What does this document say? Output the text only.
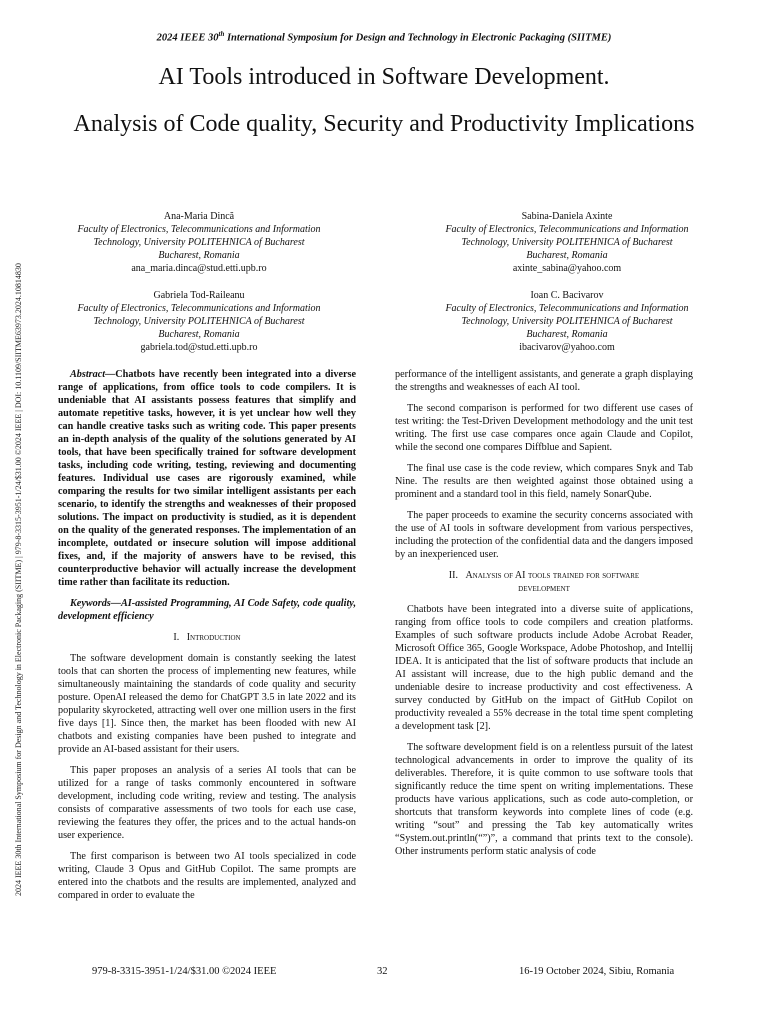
2024 IEEE 30th International Symposium for Design and Technology in Electronic Packaging (SIITME)
2024 IEEE 30th International Symposium for Design and Technology in Electronic Packaging (SIITME) | 979-8-3315-3951-1/24/$31.00 ©2024 IEEE | DOI: 10.1109/SIITME63973.2024.10814830
AI Tools introduced in Software Development.
Analysis of Code quality, Security and Productivity Implications
Ana-Maria Dincă
Faculty of Electronics, Telecommunications and Information
Technology, University POLITEHNICA of Bucharest
Bucharest, Romania
ana_maria.dinca@stud.etti.upb.ro
Sabina-Daniela Axinte
Faculty of Electronics, Telecommunications and Information
Technology, University POLITEHNICA of Bucharest
Bucharest, Romania
axinte_sabina@yahoo.com
Gabriela Tod-Raileanu
Faculty of Electronics, Telecommunications and Information
Technology, University POLITEHNICA of Bucharest
Bucharest, Romania
gabriela.tod@stud.etti.upb.ro
Ioan C. Bacivarov
Faculty of Electronics, Telecommunications and Information
Technology, University POLITEHNICA of Bucharest
Bucharest, Romania
ibacivarov@yahoo.com

Abstract—Chatbots have recently been integrated into a diverse range of applications, from office tools to code compilers. It is undeniable that AI assistants possess features that simplify and automate repetitive tasks, however, it is yet unclear how well they can handle creative tasks such as writing code. This paper presents an in-depth analysis of the quality of the solutions generated by AI tools, that have been specifically trained for software development tasks, including code writing, testing, reviewing and documenting features. Individual use cases are rigorously examined, while comparing the results for two similar intelligent assistants per each scenario, to identify the strengths and weaknesses of their proposed solutions. The impact on productivity is studied, as it is dependent on the quality of the generated responses. The implementation of an incomplete, outdated or insecure solution will impose additional fixes, and, if the majority of answers have to be revised, this counterproductive behavior will actually increase the development time rather than facilitate its reduction.

Keywords—AI-assisted Programming, AI Code Safety, code quality, development efficiency

I. Introduction

The software development domain is constantly seeking the latest tools that can shorten the process of implementing new features, while simultaneously maintaining the standards of code quality and security posture. OpenAI released the demo for ChatGPT 3.5 in late 2022 and its popularity skyrocketed, attracting well over one million users in the first five days [1]. Since then, the market has been flooded with new AI chatbots and existing companies have been pushed to integrate and provide an AI-based assistant for their users.

This paper proposes an analysis of a series AI tools that can be utilized for a range of tasks commonly encountered in software development, including code writing, review and testing. The analysis consists of comparative assessments of two tools for each use case, reviewing the features they offer, the prices and to the actual hands-on user experience.

The first comparison is between two AI tools specialized in code writing, Claude 3 Opus and GitHub Copilot. The same prompts are entered into the chatbots and the results are implemented, analyzed and compared in order to evaluate the

performance of the intelligent assistants, and generate a graph displaying the strengths and weaknesses of each AI tool.

The second comparison is performed for two different use cases of test writing: the Test-Driven Development methodology and the unit test writing. The first use case compares once again Claude and Copilot, while the second one compares Diffblue and Sapient.

The final use case is the code review, which compares Snyk and Tab Nine. The results are then weighted against those obtained using a prominent and a standard tool in this field, namely SonarQube.

The paper proceeds to examine the security concerns associated with the use of AI tools in software development from various perspectives, including the protection of the confidential data and the dangers imposed by an inexperienced user.

II. Analysis of AI tools trained for software
development

Chatbots have been integrated into a diverse suite of applications, ranging from office tools to code compilers and creation platforms. Examples of such software products include Adobe Acrobat Reader, Microsoft Office 365, Google Workspace, Adobe Photoshop, and Intellij IDEA. It is anticipated that the list of software products that include an AI assistant will increase, due to the high public demand and the undeniable desire to increase productivity and cost effectiveness. A survey conducted by GitHub on the impact of GitHub Copilot on productivity revealed a 55% decrease in the total time spent completing a development task [2].

The software development field is on a relentless pursuit of the latest technological advancements in order to improve the quality of its deliverables. Therefore, it is quite common to use software tools that significantly reduce the time spent on writing implementations. These products have various applications, such as code auto-completion, or shortcuts that transform keywords into complete lines of code (e.g. writing “sout” and pressing the Tab key automatically writes “System.out.println(“”)”, a command that prints text to the console). Other instruments perform static analysis of code

979-8-3315-3951-1/24/$31.00 ©2024 IEEE	32	16-19 October 2024, Sibiu, Romania
